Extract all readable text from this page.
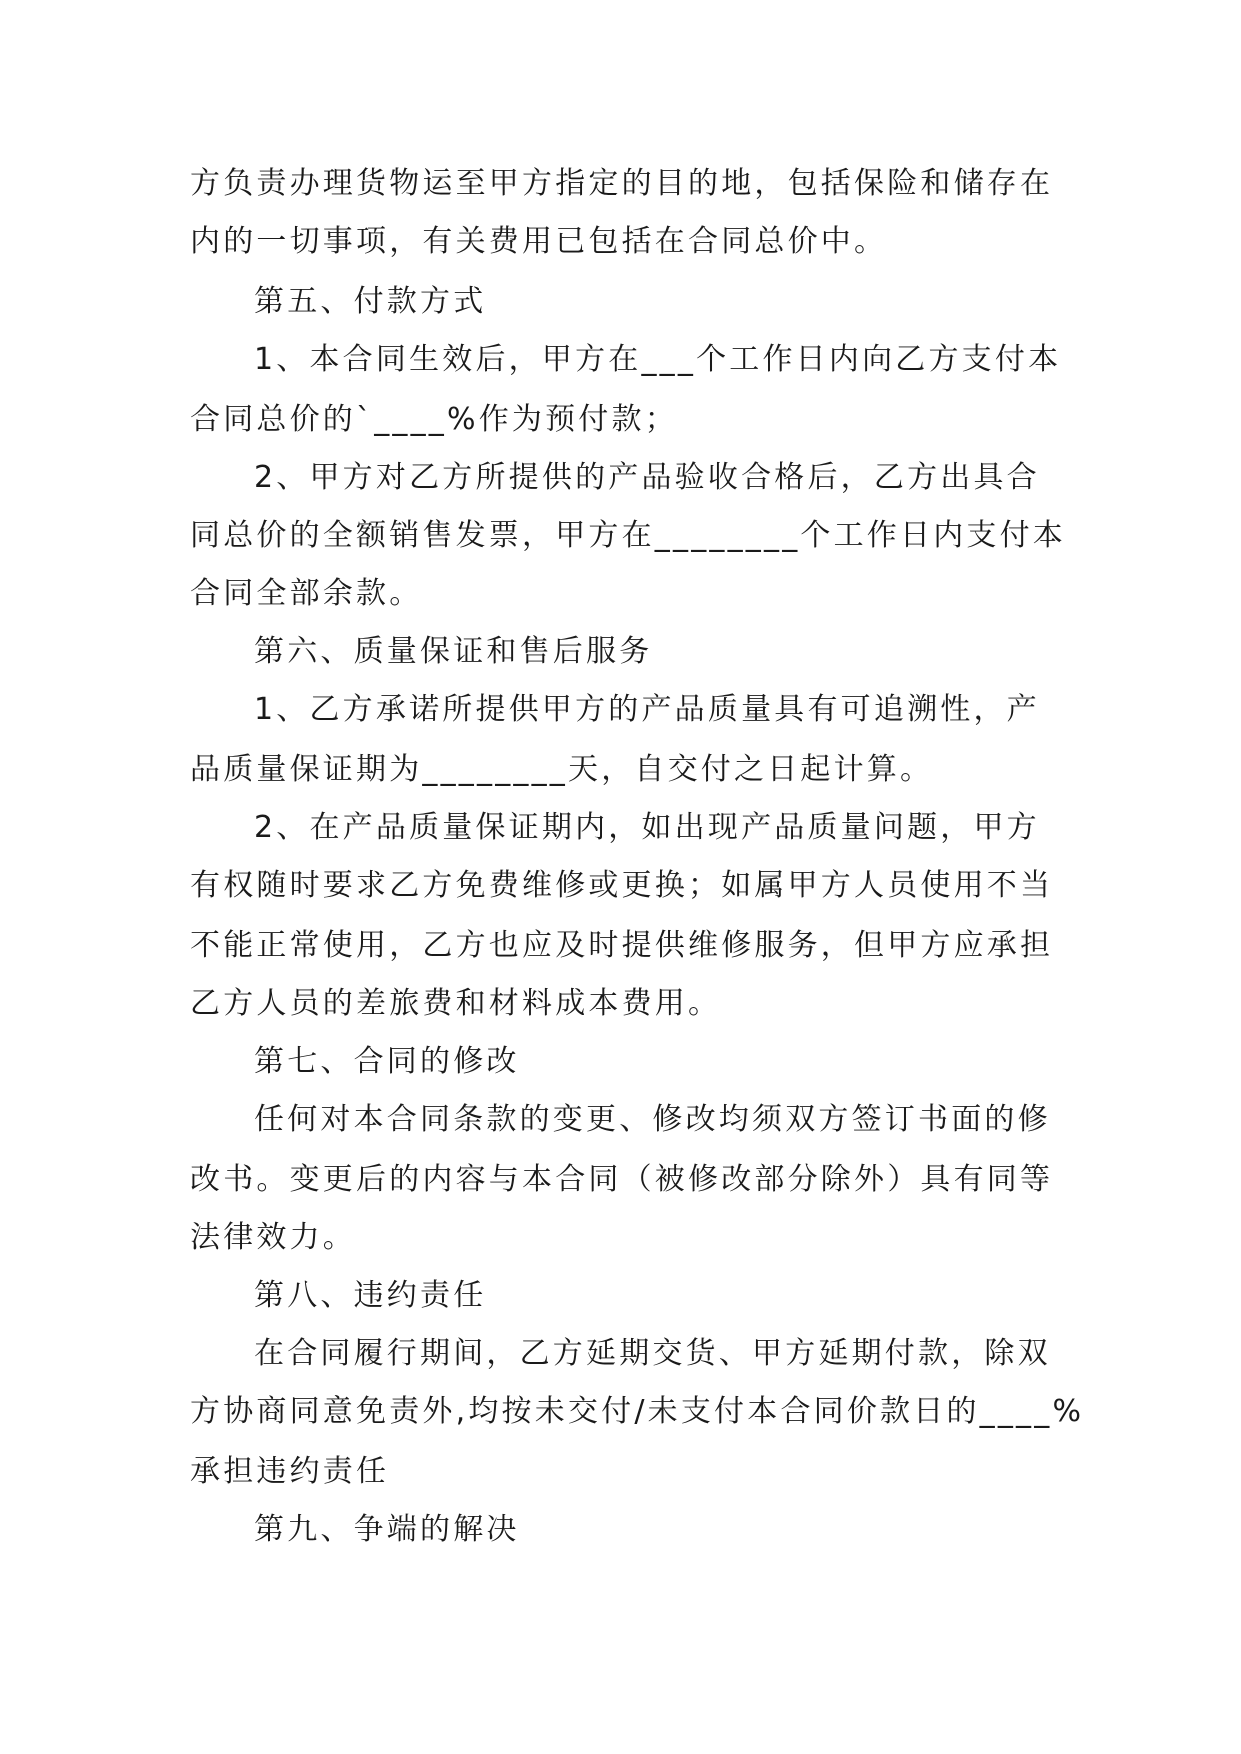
方负责办理货物运至甲方指定的目的地，包括保险和储存在
内的一切事项，有关费用已包括在合同总价中。
第五、付款方式
1、本合同生效后，甲方在___个工作日内向乙方支付本
合同总价的`____%作为预付款；
2、甲方对乙方所提供的产品验收合格后，乙方出具合
同总价的全额销售发票，甲方在________个工作日内支付本
合同全部余款。
第六、质量保证和售后服务
1、乙方承诺所提供甲方的产品质量具有可追溯性，产
品质量保证期为________天，自交付之日起计算。
2、在产品质量保证期内，如出现产品质量问题，甲方
有权随时要求乙方免费维修或更换；如属甲方人员使用不当
不能正常使用，乙方也应及时提供维修服务，但甲方应承担
乙方人员的差旅费和材料成本费用。
第七、合同的修改
任何对本合同条款的变更、修改均须双方签订书面的修
改书。变更后的内容与本合同（被修改部分除外）具有同等
法律效力。
第八、违约责任
在合同履行期间，乙方延期交货、甲方延期付款，除双
方协商同意免责外,均按未交付/未支付本合同价款日的____%
承担违约责任
第九、争端的解决
